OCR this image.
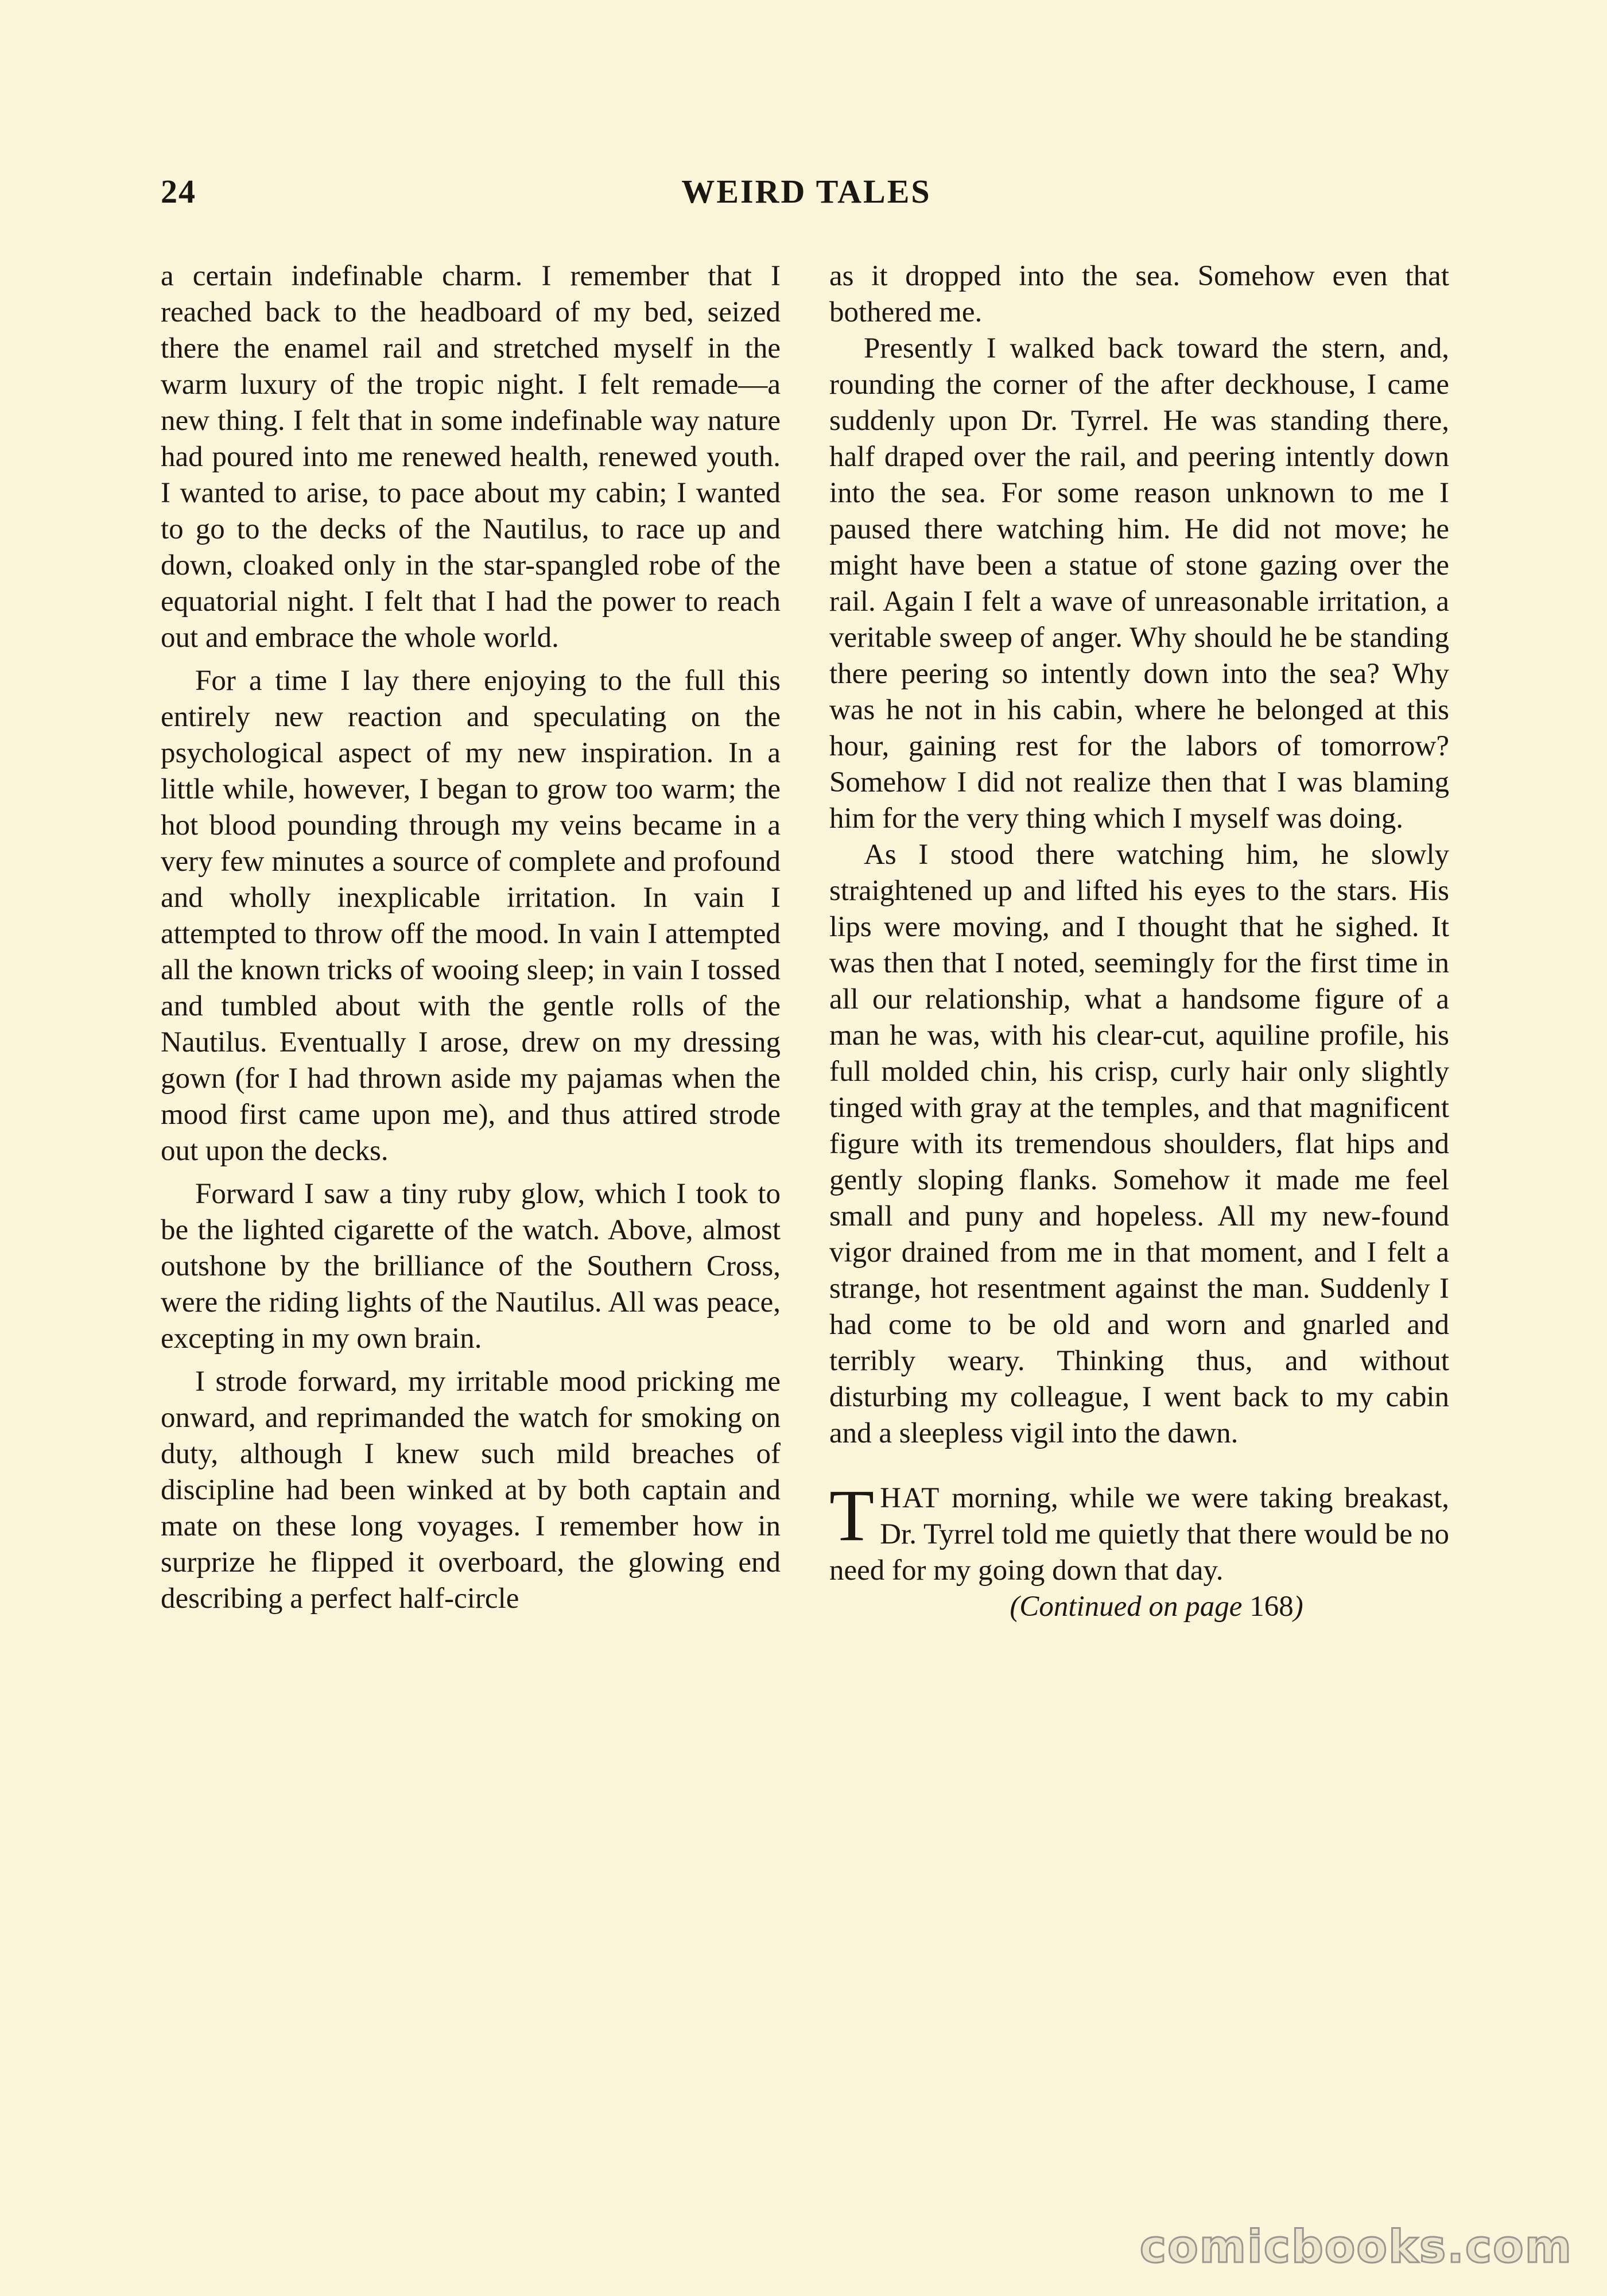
24	WEIRD TALES

a certain indefinable charm. I remember that I reached back to the headboard of my bed, seized there the enamel rail and stretched myself in the warm luxury of the tropic night. I felt remade—a new thing. I felt that in some indefinable way nature had poured into me renewed health, renewed youth. I wanted to arise, to pace about my cabin; I wanted to go to the decks of the Nautilus, to race up and down, cloaked only in the star-spangled robe of the equatorial night. I felt that I had the power to reach out and embrace the whole world.

For a time I lay there enjoying to the full this entirely new reaction and speculating on the psychological aspect of my new inspiration. In a little while, however, I began to grow too warm; the hot blood pounding through my veins became in a very few minutes a source of complete and profound and wholly inexplicable irritation. In vain I attempted to throw off the mood. In vain I attempted all the known tricks of wooing sleep; in vain I tossed and tumbled about with the gentle rolls of the Nautilus. Eventually I arose, drew on my dressing gown (for I had thrown aside my pajamas when the mood first came upon me), and thus attired strode out upon the decks.

Forward I saw a tiny ruby glow, which I took to be the lighted cigarette of the watch. Above, almost outshone by the brilliance of the Southern Cross, were the riding lights of the Nautilus. All was peace, excepting in my own brain.

I strode forward, my irritable mood pricking me onward, and reprimanded the watch for smoking on duty, although I knew such mild breaches of discipline had been winked at by both captain and mate on these long voyages. I remember how in surprize he flipped it overboard, the glowing end describing a perfect half-circle

as it dropped into the sea. Somehow even that bothered me.

Presently I walked back toward the stern, and, rounding the corner of the after deckhouse, I came suddenly upon Dr. Tyrrel. He was standing there, half draped over the rail, and peering intently down into the sea. For some reason unknown to me I paused there watching him. He did not move; he might have been a statue of stone gazing over the rail. Again I felt a wave of unreasonable irritation, a veritable sweep of anger. Why should he be standing there peering so intently down into the sea? Why was he not in his cabin, where he belonged at this hour, gaining rest for the labors of tomorrow? Somehow I did not realize then that I was blaming him for the very thing which I myself was doing.

As I stood there watching him, he slowly straightened up and lifted his eyes to the stars. His lips were moving, and I thought that he sighed. It was then that I noted, seemingly for the first time in all our relationship, what a handsome figure of a man he was, with his clear-cut, aquiline profile, his full molded chin, his crisp, curly hair only slightly tinged with gray at the temples, and that magnificent figure with its tremendous shoulders, flat hips and gently sloping flanks. Somehow it made me feel small and puny and hopeless. All my new-found vigor drained from me in that moment, and I felt a strange, hot resentment against the man. Suddenly I had come to be old and worn and gnarled and terribly weary. Thinking thus, and without disturbing my colleague, I went back to my cabin and a sleepless vigil into the dawn.

THAT morning, while we were taking breakast, Dr. Tyrrel told me quietly that there would be no need for my going down that day.

(Continued on page 168)

comicbooks.com
